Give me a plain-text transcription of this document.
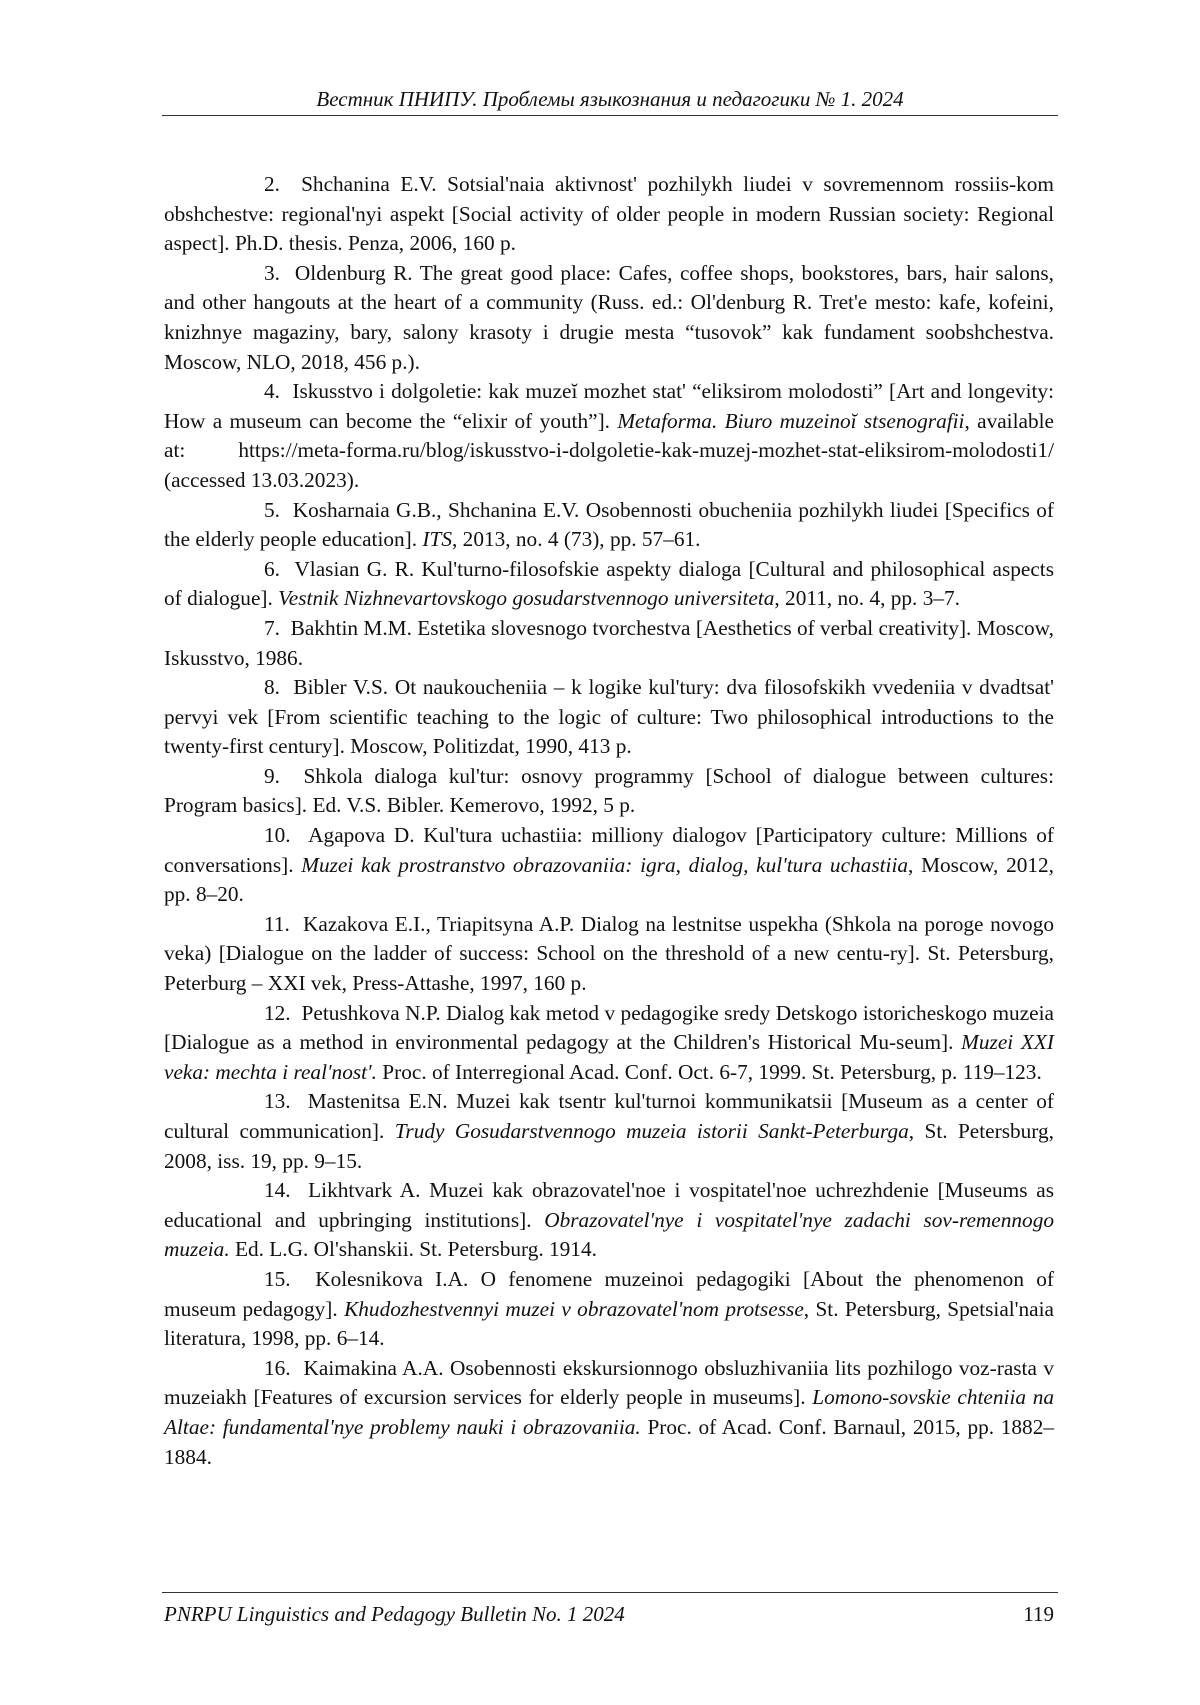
Вестник ПНИПУ. Проблемы языкознания и педагогики № 1. 2024

2. Shchanina E.V. Sotsial'naia aktivnost' pozhilykh liudei v sovremennom rossiis-kom obshchestve: regional'nyi aspekt [Social activity of older people in modern Russian society: Regional aspect]. Ph.D. thesis. Penza, 2006, 160 p.

3. Oldenburg R. The great good place: Cafes, coffee shops, bookstores, bars, hair salons, and other hangouts at the heart of a community (Russ. ed.: Ol'denburg R. Tret'e mesto: kafe, kofeini, knizhnye magaziny, bary, salony krasoty i drugie mesta “tusovok” kak fundament soobshchestva. Moscow, NLO, 2018, 456 p.).

4. Iskusstvo i dolgoletie: kak muzeĭ mozhet stat' “eliksirom molodosti” [Art and longevity: How a museum can become the “elixir of youth”]. Metaforma. Biuro muzeinoĭ stsenografii, available at: https://meta-forma.ru/blog/iskusstvo-i-dolgoletie-kak-muzej-mozhet-stat-eliksirom-molodosti1/ (accessed 13.03.2023).

5. Kosharnaia G.B., Shchanina E.V. Osobennosti obucheniia pozhilykh liudei [Specifics of the elderly people education]. ITS, 2013, no. 4 (73), pp. 57–61.

6. Vlasian G. R. Kul'turno-filosofskie aspekty dialoga [Cultural and philosophical aspects of dialogue]. Vestnik Nizhnevartovskogo gosudarstvennogo universiteta, 2011, no. 4, pp. 3–7.

7. Bakhtin M.M. Estetika slovesnogo tvorchestva [Aesthetics of verbal creativity]. Moscow, Iskusstvo, 1986.

8. Bibler V.S. Ot naukoucheniia – k logike kul'tury: dva filosofskikh vvedeniia v dvadtsat' pervyi vek [From scientific teaching to the logic of culture: Two philosophical introductions to the twenty-first century]. Moscow, Politizdat, 1990, 413 p.

9. Shkola dialoga kul'tur: osnovy programmy [School of dialogue between cultures: Program basics]. Ed. V.S. Bibler. Kemerovo, 1992, 5 p.

10. Agapova D. Kul'tura uchastiia: milliony dialogov [Participatory culture: Millions of conversations]. Muzei kak prostranstvo obrazovaniia: igra, dialog, kul'tura uchastiia, Moscow, 2012, pp. 8–20.

11. Kazakova E.I., Triapitsyna A.P. Dialog na lestnitse uspekha (Shkola na poroge novogo veka) [Dialogue on the ladder of success: School on the threshold of a new centu-ry]. St. Petersburg, Peterburg – XXI vek, Press-Attashe, 1997, 160 p.

12. Petushkova N.P. Dialog kak metod v pedagogike sredy Detskogo istoricheskogo muzeia [Dialogue as a method in environmental pedagogy at the Children's Historical Mu-seum]. Muzei XXI veka: mechta i real'nost'. Proc. of Interregional Acad. Conf. Oct. 6-7, 1999. St. Petersburg, p. 119–123.

13. Mastenitsa E.N. Muzei kak tsentr kul'turnoi kommunikatsii [Museum as a center of cultural communication]. Trudy Gosudarstvennogo muzeia istorii Sankt-Peterburga, St. Petersburg, 2008, iss. 19, pp. 9–15.

14. Likhtvark A. Muzei kak obrazovatel'noe i vospitatel'noe uchrezhdenie [Museums as educational and upbringing institutions]. Obrazovatel'nye i vospitatel'nye zadachi sov-remennogo muzeia. Ed. L.G. Ol'shanskii. St. Petersburg. 1914.

15. Kolesnikova I.A. O fenomene muzeinoi pedagogiki [About the phenomenon of museum pedagogy]. Khudozhestvennyi muzei v obrazovatel'nom protsesse, St. Petersburg, Spetsial'naia literatura, 1998, pp. 6–14.

16. Kaimakina A.A. Osobennosti ekskursionnogo obsluzhivaniia lits pozhilogo voz-rasta v muzeiakh [Features of excursion services for elderly people in museums]. Lomono-sovskie chteniia na Altae: fundamental'nye problemy nauki i obrazovaniia. Proc. of Acad. Conf. Barnaul, 2015, pp. 1882–1884.

PNRPU Linguistics and Pedagogy Bulletin No. 1 2024	119
